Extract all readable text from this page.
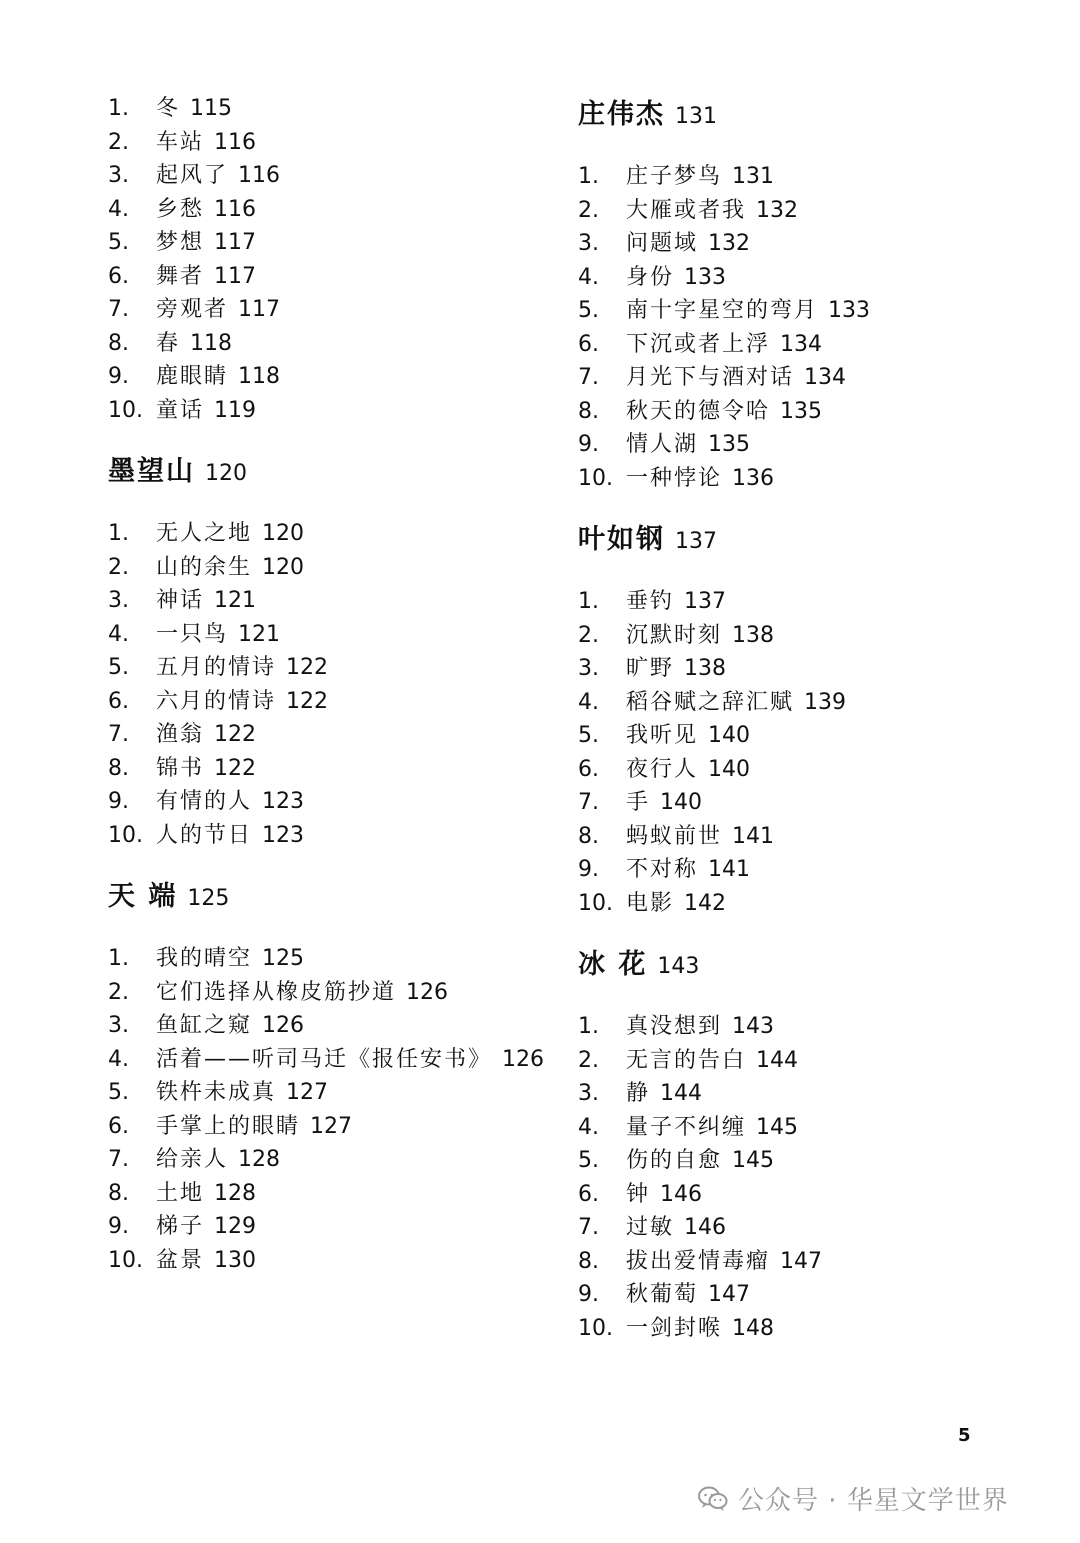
1.	冬 115
2.	车站 116
3.	起风了 116
4.	乡愁 116
5.	梦想 117
6.	舞者 117
7.	旁观者 117
8.	春 118
9.	鹿眼睛 118
10. 童话 119
墨望山 120
1.	无人之地 120
2.	山的余生 120
3.	神话 121
4.	一只鸟 121
5.	五月的情诗 122
6.	六月的情诗 122
7.	渔翁 122
8.	锦书 122
9.	有情的人 123
10. 人的节日 123
天 端 125
1.	我的晴空 125
2.	它们选择从橡皮筋抄道 126
3.	鱼缸之窥 126
4.	活着——听司马迁《报任安书》 126
5.	铁杵未成真 127
6.	手掌上的眼睛 127
7.	给亲人 128
8.	土地 128
9.	梯子 129
10. 盆景 130
庄伟杰 131
1.	庄子梦鸟 131
2.	大雁或者我 132
3.	问题域 132
4.	身份 133
5.	南十字星空的弯月 133
6.	下沉或者上浮 134
7.	月光下与酒对话 134
8.	秋天的德令哈 135
9.	情人湖 135
10. 一种悖论 136
叶如钢 137
1.	垂钓 137
2.	沉默时刻 138
3.	旷野 138
4.	稻谷赋之辞汇赋 139
5.	我听见 140
6.	夜行人 140
7.	手 140
8.	蚂蚁前世 141
9.	不对称 141
10. 电影 142
冰 花 143
1.	真没想到 143
2.	无言的告白 144
3.	静 144
4.	量子不纠缠 145
5.	伤的自愈 145
6.	钟 146
7.	过敏 146
8.	拔出爱情毒瘤 147
9.	秋葡萄 147
10. 一剑封喉 148
5
公众号 · 华星文学世界
